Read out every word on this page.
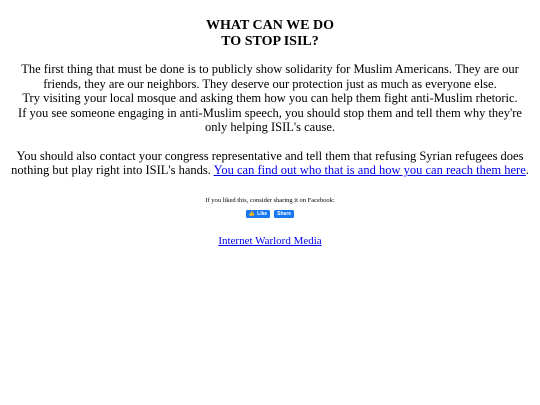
WHAT CAN WE DO
TO STOP ISIL?
The first thing that must be done is to publicly show solidarity for Muslim Americans. They are our
friends, they are our neighbors. They deserve our protection just as much as everyone else.
Try visiting your local mosque and asking them how you can help them fight anti-Muslim rhetoric.
If you see someone engaging in anti-Muslim speech, you should stop them and tell them why they're
only helping ISIL's cause.
You should also contact your congress representative and tell them that refusing Syrian refugees does nothing but play right into ISIL's hands. You can find out who that is and how you can reach them here.
If you liked this, consider sharing it on Facebook:
👍 Like Share
Internet Warlord Media
